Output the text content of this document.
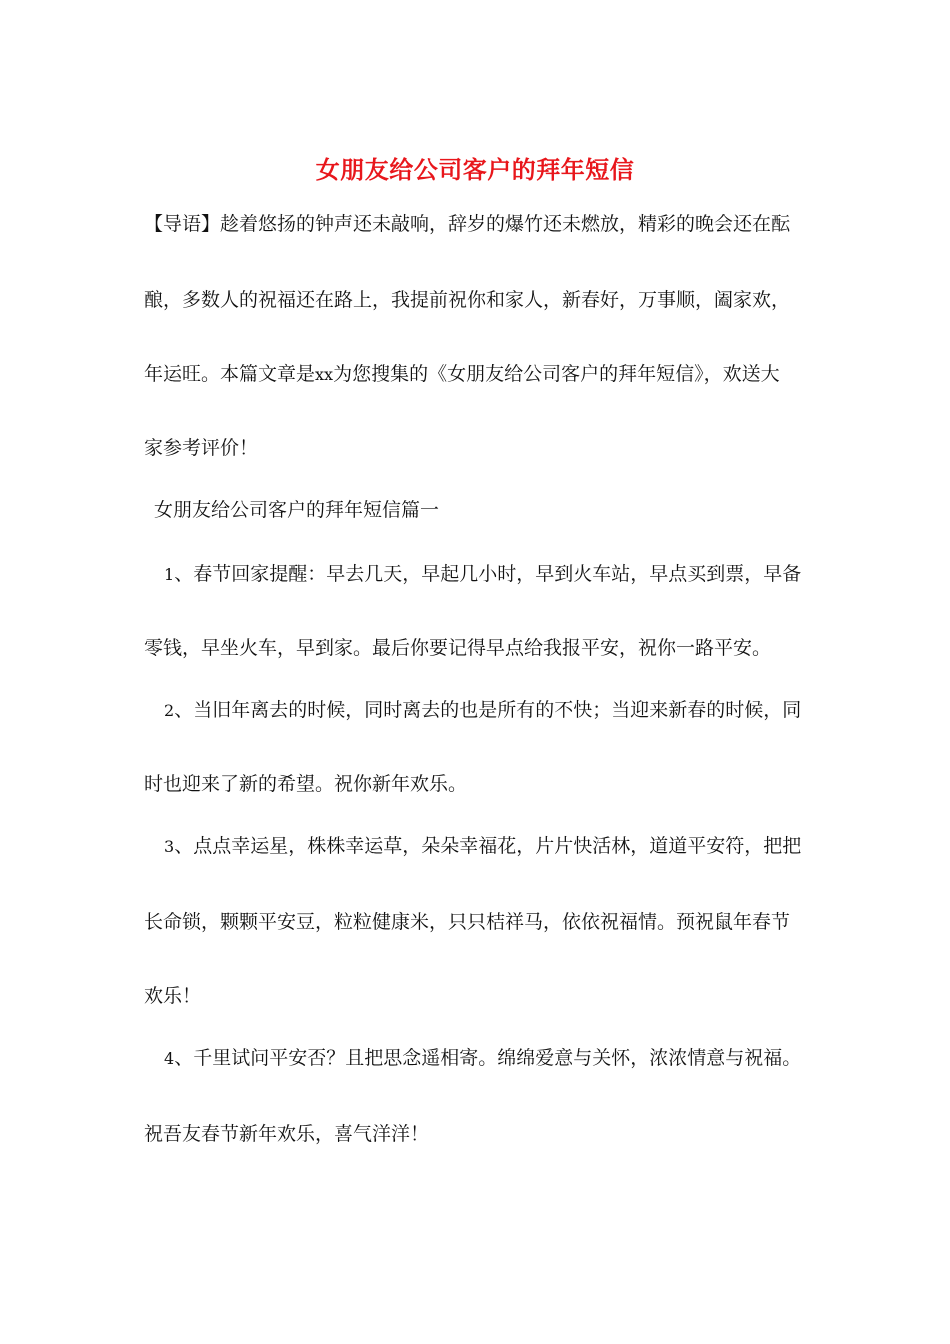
女朋友给公司客户的拜年短信
【导语】趁着悠扬的钟声还未敲响，辞岁的爆竹还未燃放，精彩的晚会还在酝
酿，多数人的祝福还在路上，我提前祝你和家人，新春好，万事顺，阖家欢，
年运旺。本篇文章是xx为您搜集的《女朋友给公司客户的拜年短信》，欢送大
家参考评价！
女朋友给公司客户的拜年短信篇一
1、春节回家提醒：早去几天，早起几小时，早到火车站，早点买到票，早备
零钱，早坐火车，早到家。最后你要记得早点给我报平安，祝你一路平安。
2、当旧年离去的时候，同时离去的也是所有的不快；当迎来新春的时候，同
时也迎来了新的希望。祝你新年欢乐。
3、点点幸运星，株株幸运草，朵朵幸福花，片片快活林，道道平安符，把把
长命锁，颗颗平安豆，粒粒健康米，只只桔祥马，依依祝福情。预祝鼠年春节
欢乐！
4、千里试问平安否？且把思念遥相寄。绵绵爱意与关怀，浓浓情意与祝福。
祝吾友春节新年欢乐，喜气洋洋！
